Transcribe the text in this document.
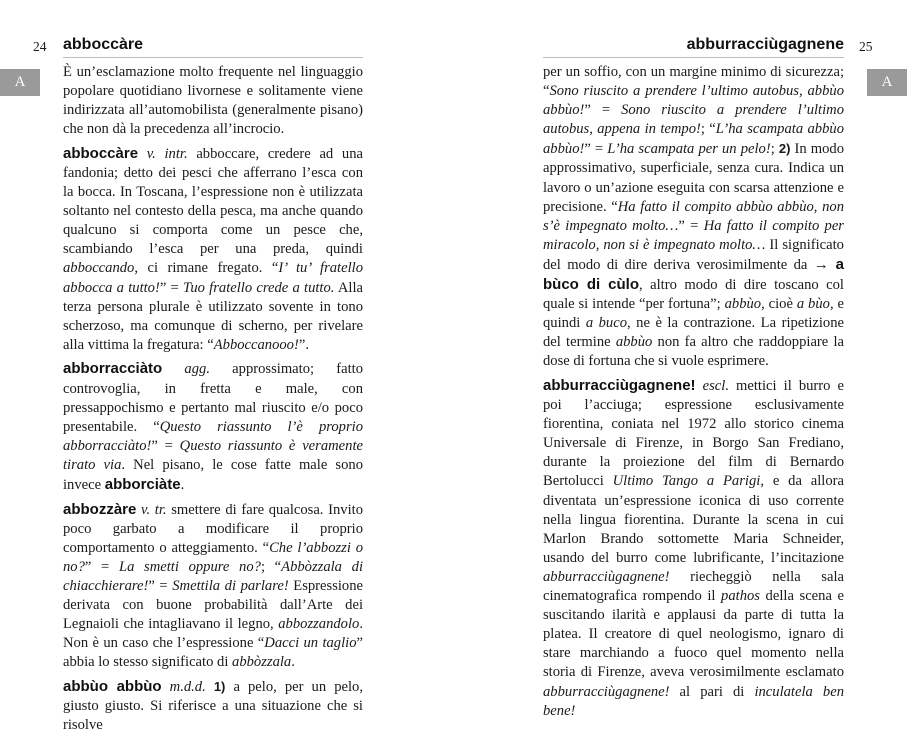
24 abboccàre
A

È un’esclamazione molto frequente nel linguaggio popolare quotidiano livornese e solitamente viene indirizzata all’automobilista (generalmente pisano) che non dà la precedenza all’incrocio.

abboccàre v. intr. abboccare, credere ad una fandonia; detto dei pesci che afferrano l’esca con la bocca. In Toscana, l’espressione non è utilizzata soltanto nel contesto della pesca, ma anche quando qualcuno si comporta come un pesce che, scambiando l’esca per una preda, quindi abboccando, ci rimane fregato. “I’ tu’ fratello abbocca a tutto!” = Tuo fratello crede a tutto. Alla terza persona plurale è utilizzato sovente in tono scherzoso, ma comunque di scherno, per rivelare alla vittima la fregatura: “Abboccanooo!”.

abborracciàto agg. approssimato; fatto controvoglia, in fretta e male, con pressappochismo e pertanto mal riuscito e/o poco presentabile. “Questo riassunto l’è proprio abborracciàto!” = Questo riassunto è veramente tirato via. Nel pisano, le cose fatte male sono invece abborciàte.

abbozzàre v. tr. smettere di fare qualcosa. Invito poco garbato a modificare il proprio comportamento o atteggiamento. “Che l’abbozzi o no?” = La smetti oppure no?; “Abbòzzala di chiacchierare!” = Smettila di parlare! Espressione derivata con buone probabilità dall’Arte dei Legnaioli che intagliavano il legno, abbozzandolo. Non è un caso che l’espressione “Dacci un taglio” abbia lo stesso significato di abbòzzala.

abbùo abbùo m.d.d. 1) a pelo, per un pelo, giusto giusto. Si riferisce a una situazione che si risolve

abburracciùgagnene 25
A

per un soffio, con un margine minimo di sicurezza; “Sono riuscito a prendere l’ultimo autobus, abbùo abbùo!” = Sono riuscito a prendere l’ultimo autobus, appena in tempo!; “L’ha scampata abbùo abbùo!” = L’ha scampata per un pelo!; 2) In modo approssimativo, superficiale, senza cura. Indica un lavoro o un’azione eseguita con scarsa attenzione e precisione. “Ha fatto il compito abbùo abbùo, non s’è impegnato molto…” = Ha fatto il compito per miracolo, non si è impegnato molto… Il significato del modo di dire deriva verosimilmente da → a bùco di cùlo, altro modo di dire toscano col quale si intende “per fortuna”; abbùo, cioè a bùo, e quindi a buco, ne è la contrazione. La ripetizione del termine abbùo non fa altro che raddoppiare la dose di fortuna che si vuole esprimere.

abburracciùgagnene! escl. mettici il burro e poi l’acciuga; espressione esclusivamente fiorentina, coniata nel 1972 allo storico cinema Universale di Firenze, in Borgo San Frediano, durante la proiezione del film di Bernardo Bertolucci Ultimo Tango a Parigi, e da allora diventata un’espressione iconica di uso corrente nella lingua fiorentina. Durante la scena in cui Marlon Brando sottomette Maria Schneider, usando del burro come lubrificante, l’incitazione abburracciùgagnene! riecheggiò nella sala cinematografica rompendo il pathos della scena e suscitando ilarità e applausi da parte di tutta la platea. Il creatore di quel neologismo, ignaro di stare marchiando a fuoco quel momento nella storia di Firenze, aveva verosimilmente esclamato abburracciùgagnene! al pari di inculatela ben bene!
